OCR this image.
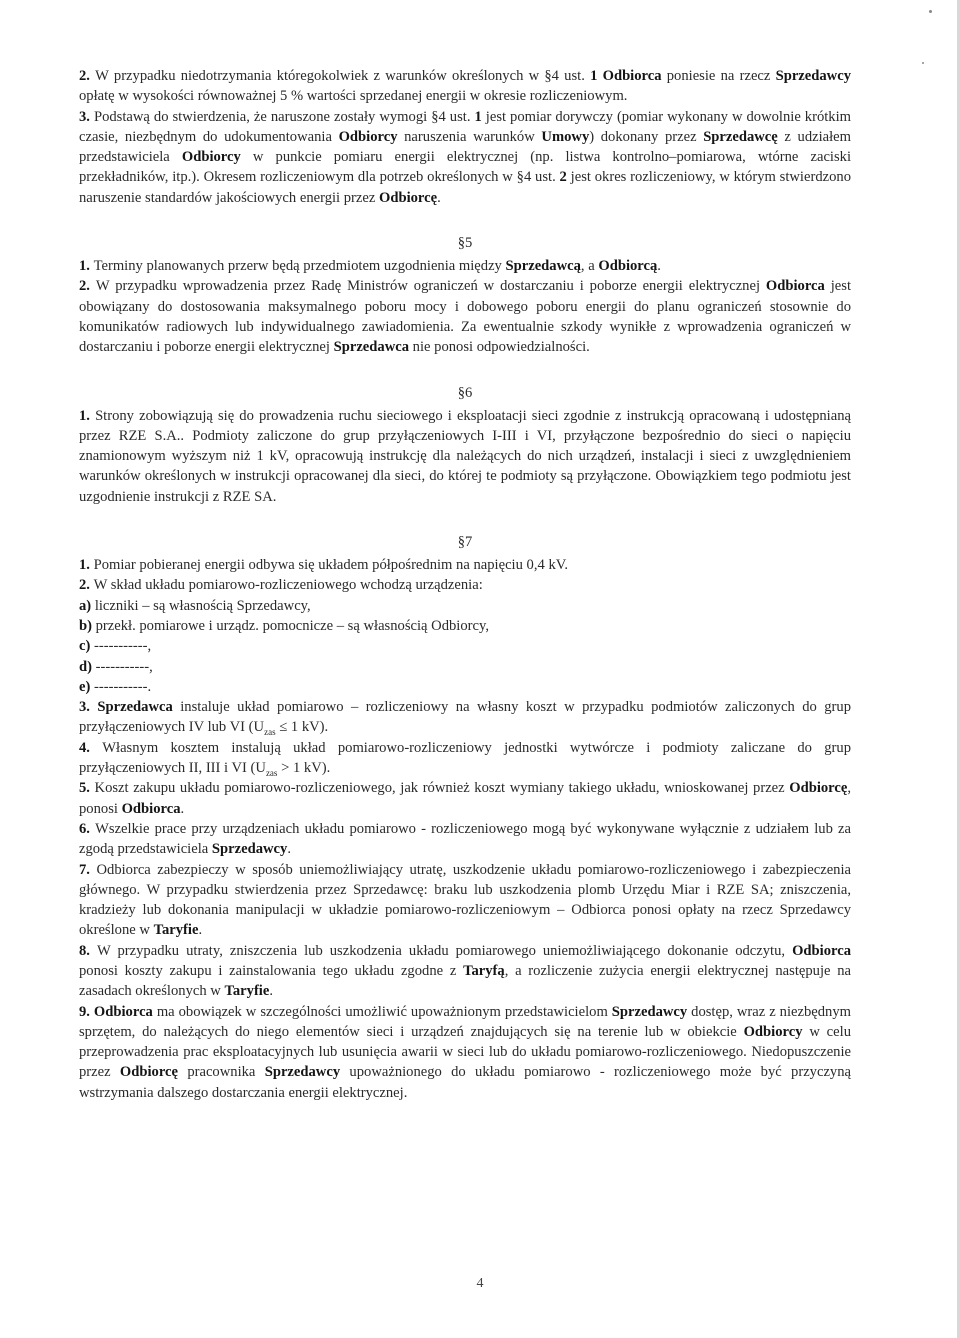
2. W przypadku niedotrzymania któregokolwiek z warunków określonych w §4 ust. 1 Odbiorca poniesie na rzecz Sprzedawcy opłatę w wysokości równoważnej 5 % wartości sprzedanej energii w okresie rozliczeniowym.

3. Podstawą do stwierdzenia, że naruszone zostały wymogi §4 ust. 1 jest pomiar dorywczy (pomiar wykonany w dowolnie krótkim czasie, niezbędnym do udokumentowania Odbiorcy naruszenia warunków Umowy) dokonany przez Sprzedawcę z udziałem przedstawiciela Odbiorcy w punkcie pomiaru energii elektrycznej (np. listwa kontrolno–pomiarowa, wtórne zaciski przekładników, itp.). Okresem rozliczeniowym dla potrzeb określonych w §4 ust. 2 jest okres rozliczeniowy, w którym stwierdzono naruszenie standardów jakościowych energii przez Odbiorcę.

§5

1. Terminy planowanych przerw będą przedmiotem uzgodnienia między Sprzedawcą, a Odbiorcą.

2. W przypadku wprowadzenia przez Radę Ministrów ograniczeń w dostarczaniu i poborze energii elektrycznej Odbiorca jest obowiązany do dostosowania maksymalnego poboru mocy i dobowego poboru energii do planu ograniczeń stosownie do komunikatów radiowych lub indywidualnego zawiadomienia. Za ewentualnie szkody wynikłe z wprowadzenia ograniczeń w dostarczaniu i poborze energii elektrycznej Sprzedawca nie ponosi odpowiedzialności.

§6

1. Strony zobowiązują się do prowadzenia ruchu sieciowego i eksploatacji sieci zgodnie z instrukcją opracowaną i udostępnianą przez RZE S.A.. Podmioty zaliczone do grup przyłączeniowych I-III i VI, przyłączone bezpośrednio do sieci o napięciu znamionowym wyższym niż 1 kV, opracowują instrukcję dla należących do nich urządzeń, instalacji i sieci z uwzględnieniem warunków określonych w instrukcji opracowanej dla sieci, do której te podmioty są przyłączone. Obowiązkiem tego podmiotu jest uzgodnienie instrukcji z RZE SA.

§7

1. Pomiar pobieranej energii odbywa się układem półpośrednim na napięciu 0,4 kV.

2. W skład układu pomiarowo-rozliczeniowego wchodzą urządzenia:

a) liczniki – są własnością Sprzedawcy,

b) przekł. pomiarowe i urządz. pomocnicze – są własnością Odbiorcy,

c) -----------,

d) -----------,

e) -----------.

3. Sprzedawca instaluje układ pomiarowo – rozliczeniowy na własny koszt w przypadku podmiotów zaliczonych do grup przyłączeniowych IV lub VI ($U_{zas} \le 1$ kV).

4. Własnym kosztem instalują układ pomiarowo-rozliczeniowy jednostki wytwórcze i podmioty zaliczane do grup przyłączeniowych II, III i VI ($U_{zas} > 1$ kV).

5. Koszt zakupu układu pomiarowo-rozliczeniowego, jak również koszt wymiany takiego układu, wnioskowanej przez Odbiorcę, ponosi Odbiorca.

6. Wszelkie prace przy urządzeniach układu pomiarowo - rozliczeniowego mogą być wykonywane wyłącznie z udziałem lub za zgodą przedstawiciela Sprzedawcy.

7. Odbiorca zabezpieczy w sposób uniemożliwiający utratę, uszkodzenie układu pomiarowo-rozliczeniowego i zabezpieczenia głównego. W przypadku stwierdzenia przez Sprzedawcę: braku lub uszkodzenia plomb Urzędu Miar i RZE SA; zniszczenia, kradzieży lub dokonania manipulacji w układzie pomiarowo-rozliczeniowym – Odbiorca ponosi opłaty na rzecz Sprzedawcy określone w Taryfie.

8. W przypadku utraty, zniszczenia lub uszkodzenia układu pomiarowego uniemożliwiającego dokonanie odczytu, Odbiorca ponosi koszty zakupu i zainstalowania tego układu zgodne z Taryfą, a rozliczenie zużycia energii elektrycznej następuje na zasadach określonych w Taryfie.

9. Odbiorca ma obowiązek w szczególności umożliwić upoważnionym przedstawicielom Sprzedawcy dostęp, wraz z niezbędnym sprzętem, do należących do niego elementów sieci i urządzeń znajdujących się na terenie lub w obiekcie Odbiorcy w celu przeprowadzenia prac eksploatacyjnych lub usunięcia awarii w sieci lub do układu pomiarowo-rozliczeniowego. Niedopuszczenie przez Odbiorcę pracownika Sprzedawcy upoważnionego do układu pomiarowo - rozliczeniowego może być przyczyną wstrzymania dalszego dostarczania energii elektrycznej.

4
